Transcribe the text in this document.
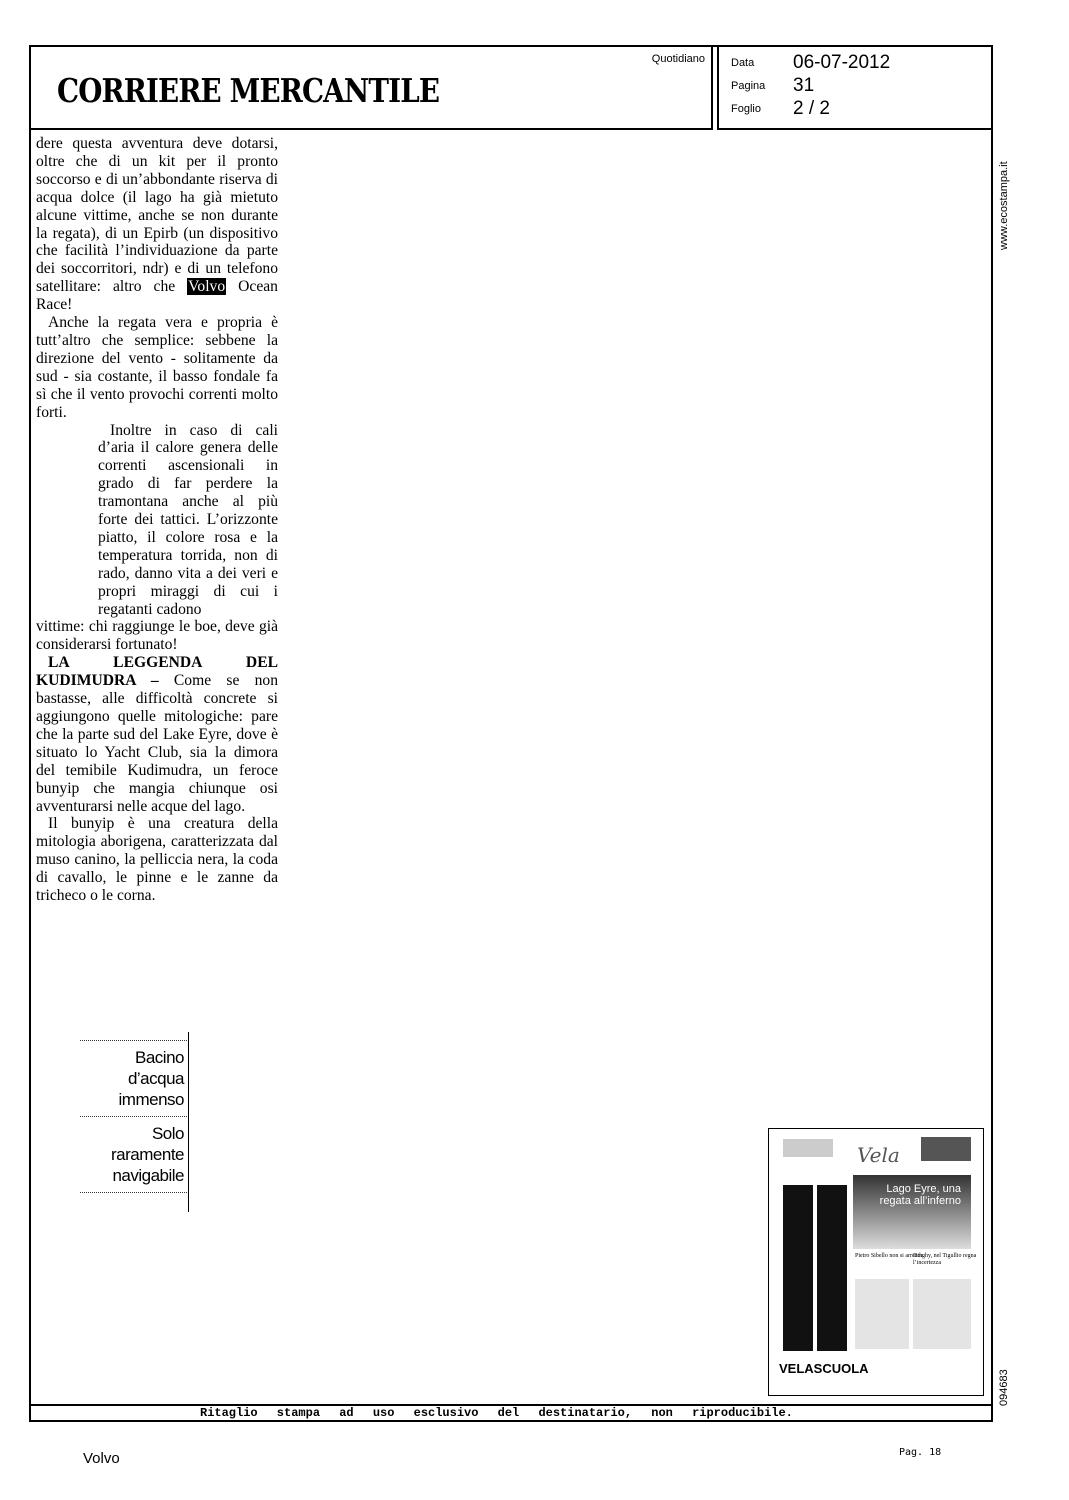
CORRIERE MERCANTILE
Quotidiano Data 06-07-2012
Pagina 31
Foglio 2 / 2

dere questa avventura deve dotarsi, oltre che di un kit per il pronto soccorso e di un’abbondante riserva di acqua dolce (il lago ha già mietuto alcune vittime, anche se non durante la regata), di un Epirb (un dispositivo che facilità l’individuazione da parte dei soccorritori, ndr) e di un telefono satellitare: altro che Volvo Ocean Race!

Anche la regata vera e propria è tutt’altro che semplice: sebbene la direzione del vento - solitamente da sud - sia costante, il basso fondale fa sì che il vento provochi correnti molto forti.

Inoltre in caso di cali d’aria il calore genera delle correnti ascensionali in grado di far perdere la tramontana anche al più forte dei tattici. L’orizzonte piatto, il colore rosa e la temperatura torrida, non di rado, danno vita a dei veri e propri miraggi di cui i regatanti cadono

vittime: chi raggiunge le boe, deve già considerarsi fortunato!

LA LEGGENDA DEL KUDIMUDRA – Come se non bastasse, alle difficoltà concrete si aggiungono quelle mitologiche: pare che la parte sud del Lake Eyre, dove è situato lo Yacht Club, sia la dimora del temibile Kudimudra, un feroce bunyip che mangia chiunque osi avventurarsi nelle acque del lago.

Il bunyip è una creatura della mitologia aborigena, caratterizzata dal muso canino, la pelliccia nera, la coda di cavallo, le pinne e le zanne da tricheco o le corna.

Bacino d’acqua immenso
Solo raramente navigabile
Vela
Lago Eyre, una regata all’inferno
Pietro Sibello non si arrende
Dinghy, nel Tigullio regna l’incertezza
VELASCUOLA
www.ecostampa.it
094683
Ritaglio stampa ad uso esclusivo del destinatario, non riproducibile.
Volvo	Pag. 18
